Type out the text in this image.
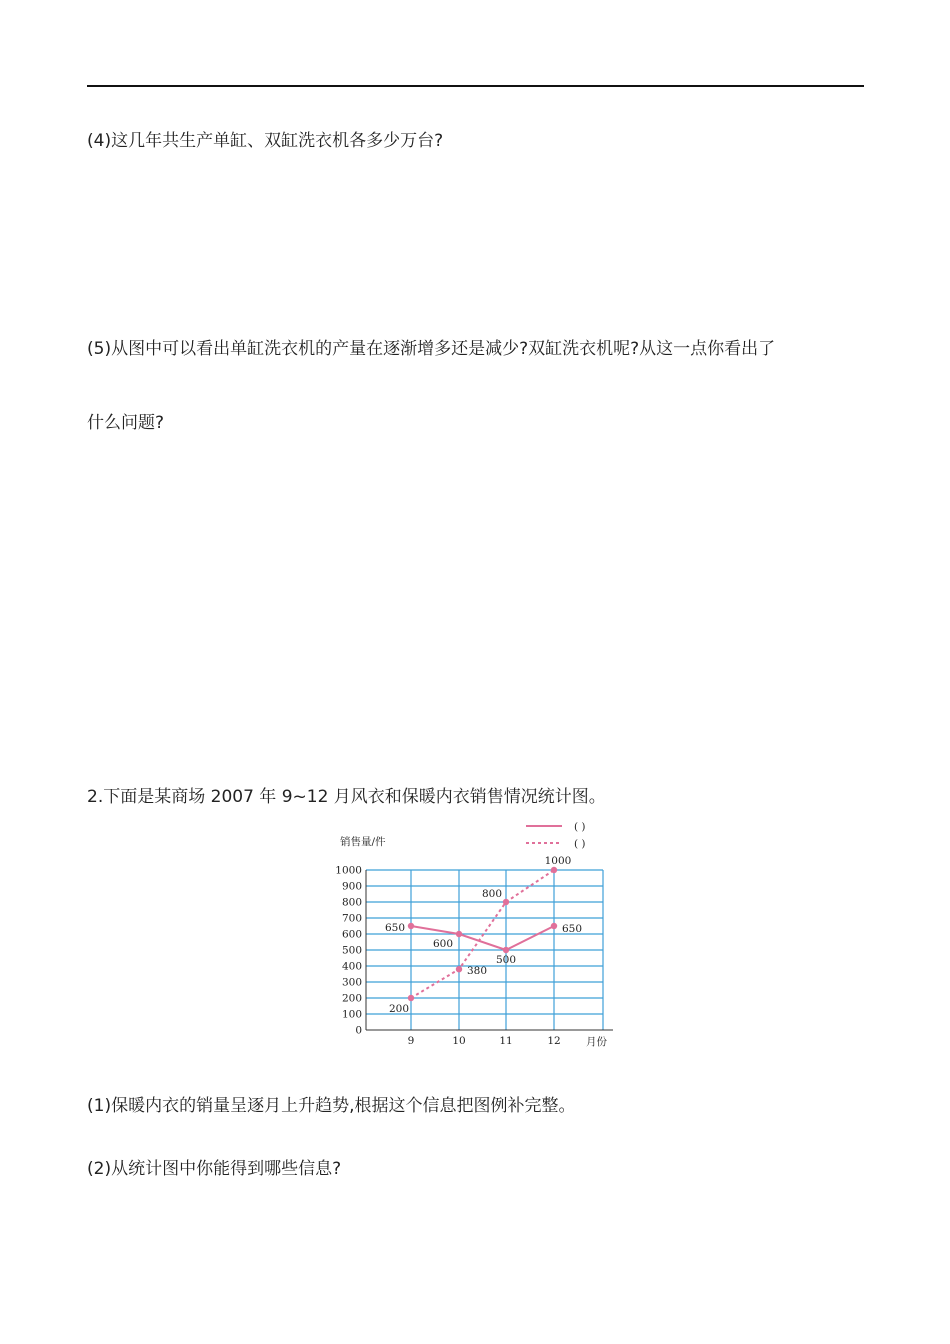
(4)这几年共生产单缸、双缸洗衣机各多少万台?
(5)从图中可以看出单缸洗衣机的产量在逐渐增多还是减少?双缸洗衣机呢?从这一点你看出了
什么问题?
2.下面是某商场 2007 年 9~12 月风衣和保暖内衣销售情况统计图。
0
100
200
300
400
500
600
700
800
900
1000
9	10	11	12
650
600
500
650
200
380
800
1000
( )
( )
销售量/件
月份
(1)保暖内衣的销量呈逐月上升趋势,根据这个信息把图例补完整。
(2)从统计图中你能得到哪些信息?
